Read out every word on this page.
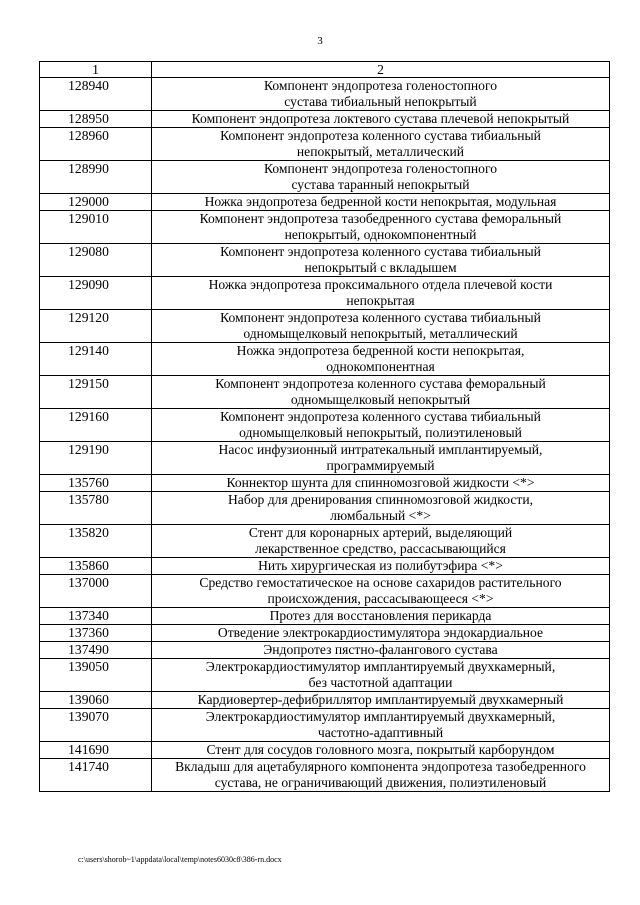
3
1	2
128940	Компонент эндопротеза голеностопного
сустава тибиальный непокрытый
128950	Компонент эндопротеза локтевого сустава плечевой непокрытый
128960	Компонент эндопротеза коленного сустава тибиальный
непокрытый, металлический
128990	Компонент эндопротеза голеностопного
сустава таранный непокрытый
129000	Ножка эндопротеза бедренной кости непокрытая, модульная
129010	Компонент эндопротеза тазобедренного сустава феморальный
непокрытый, однокомпонентный
129080	Компонент эндопротеза коленного сустава тибиальный
непокрытый с вкладышем
129090	Ножка эндопротеза проксимального отдела плечевой кости
непокрытая
129120	Компонент эндопротеза коленного сустава тибиальный
одномыщелковый непокрытый, металлический
129140	Ножка эндопротеза бедренной кости непокрытая,
однокомпонентная
129150	Компонент эндопротеза коленного сустава феморальный
одномыщелковый непокрытый
129160	Компонент эндопротеза коленного сустава тибиальный
одномыщелковый непокрытый, полиэтиленовый
129190	Насос инфузионный интратекальный имплантируемый,
программируемый
135760	Коннектор шунта для спинномозговой жидкости <*>
135780	Набор для дренирования спинномозговой жидкости,
люмбальный <*>
135820	Стент для коронарных артерий, выделяющий
лекарственное средство, рассасывающийся
135860	Нить хирургическая из полибутэфира <*>
137000	Средство гемостатическое на основе сахаридов растительного
происхождения, рассасывающееся <*>
137340	Протез для восстановления перикарда
137360	Отведение электрокардиостимулятора эндокардиальное
137490	Эндопротез пястно-фалангового сустава
139050	Электрокардиостимулятор имплантируемый двухкамерный,
без частотной адаптации
139060	Кардиовертер-дефибриллятор имплантируемый двухкамерный
139070	Электрокардиостимулятор имплантируемый двухкамерный,
частотно-адаптивный
141690	Стент для сосудов головного мозга, покрытый карборундом
141740	Вкладыш для ацетабулярного компонента эндопротеза тазобедренного
сустава, не ограничивающий движения, полиэтиленовый
c:\users\shorob~1\appdata\local\temp\notes6030c8\386-rn.docx
